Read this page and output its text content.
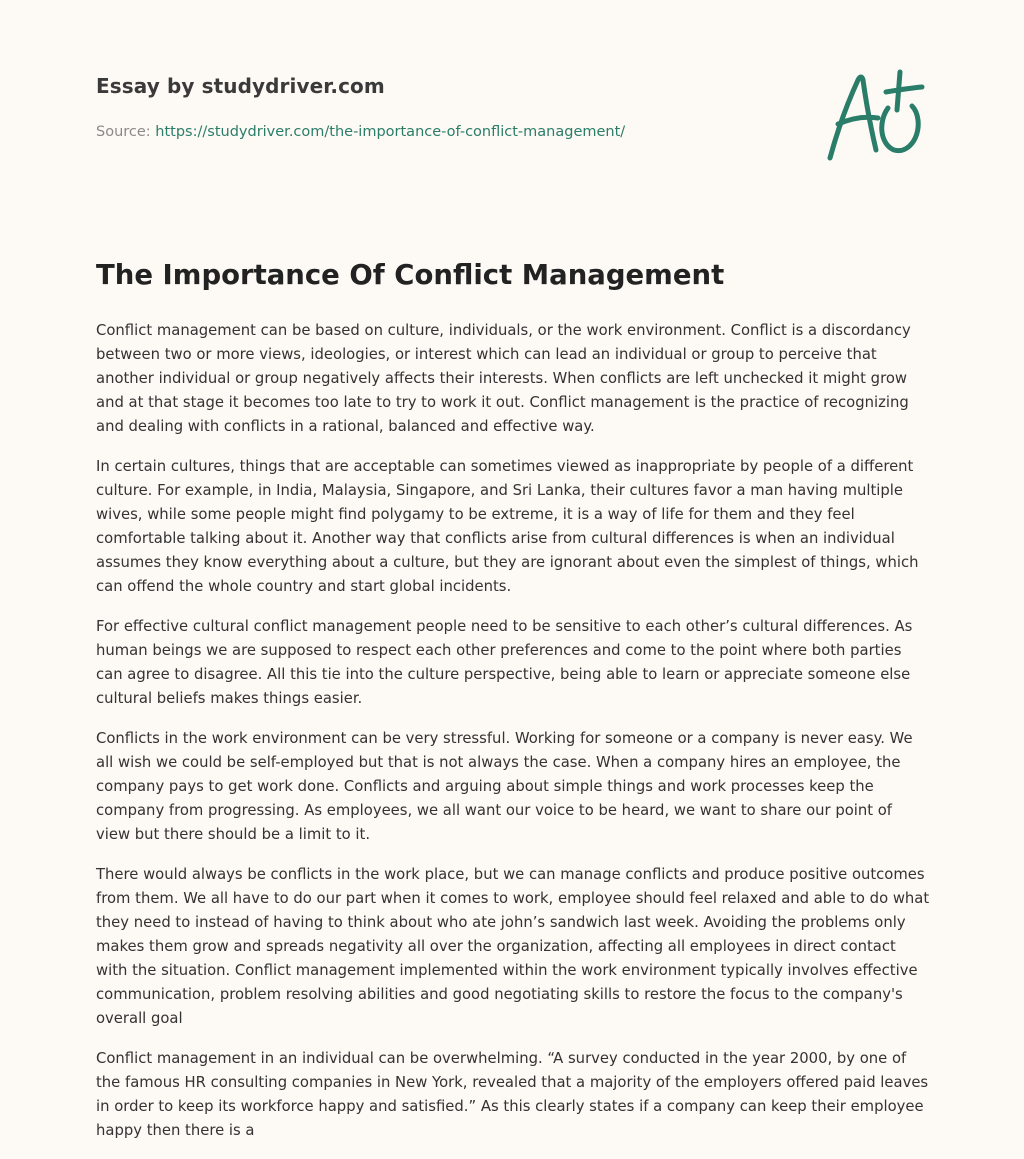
Essay by studydriver.com
Source: https://studydriver.com/the-importance-of-conflict-management/
The Importance Of Conflict Management

Conflict management can be based on culture, individuals, or the work environment. Conflict is a discordancy between two or more views, ideologies, or interest which can lead an individual or group to perceive that another individual or group negatively affects their interests. When conflicts are left unchecked it might grow and at that stage it becomes too late to try to work it out. Conflict management is the practice of recognizing and dealing with conflicts in a rational, balanced and effective way.

In certain cultures, things that are acceptable can sometimes viewed as inappropriate by people of a different culture. For example, in India, Malaysia, Singapore, and Sri Lanka, their cultures favor a man having multiple wives, while some people might find polygamy to be extreme, it is a way of life for them and they feel comfortable talking about it. Another way that conflicts arise from cultural differences is when an individual assumes they know everything about a culture, but they are ignorant about even the simplest of things, which can offend the whole country and start global incidents.

For effective cultural conflict management people need to be sensitive to each other’s cultural differences. As human beings we are supposed to respect each other preferences and come to the point where both parties can agree to disagree. All this tie into the culture perspective, being able to learn or appreciate someone else cultural beliefs makes things easier.

Conflicts in the work environment can be very stressful. Working for someone or a company is never easy. We all wish we could be self-employed but that is not always the case. When a company hires an employee, the company pays to get work done. Conflicts and arguing about simple things and work processes keep the company from progressing. As employees, we all want our voice to be heard, we want to share our point of view but there should be a limit to it.

There would always be conflicts in the work place, but we can manage conflicts and produce positive outcomes from them. We all have to do our part when it comes to work, employee should feel relaxed and able to do what they need to instead of having to think about who ate john’s sandwich last week. Avoiding the problems only makes them grow and spreads negativity all over the organization, affecting all employees in direct contact with the situation. Conflict management implemented within the work environment typically involves effective communication, problem resolving abilities and good negotiating skills to restore the focus to the company's overall goal

Conflict management in an individual can be overwhelming. “A survey conducted in the year 2000, by one of the famous HR consulting companies in New York, revealed that a majority of the employers offered paid leaves in order to keep its workforce happy and satisfied.” As this clearly states if a company can keep their employee happy then there is a
